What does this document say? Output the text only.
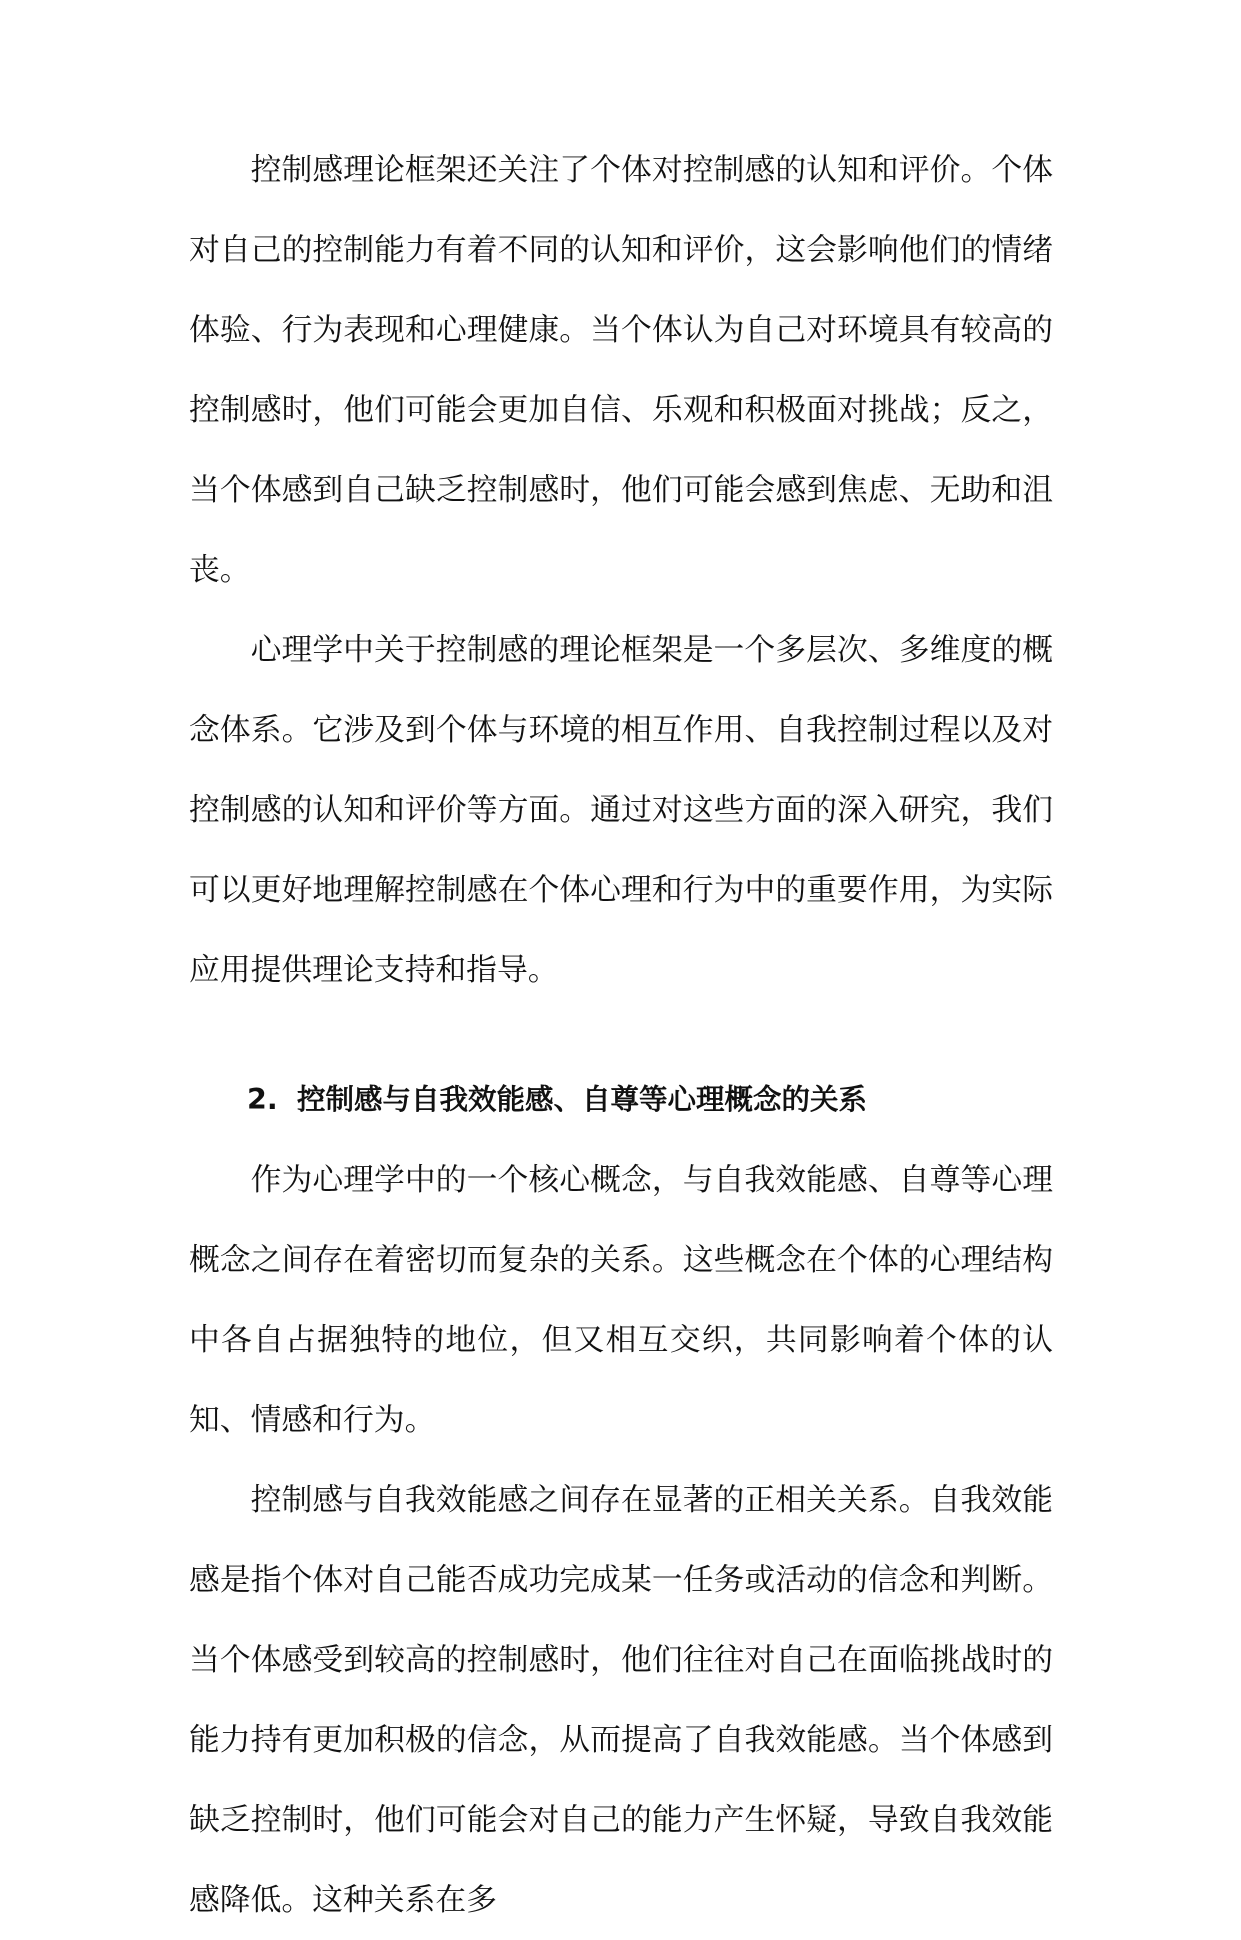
控制感理论框架还关注了个体对控制感的认知和评价。个体对自己的控制能力有着不同的认知和评价，这会影响他们的情绪体验、行为表现和心理健康。当个体认为自己对环境具有较高的控制感时，他们可能会更加自信、乐观和积极面对挑战；反之，当个体感到自己缺乏控制感时，他们可能会感到焦虑、无助和沮丧。

心理学中关于控制感的理论框架是一个多层次、多维度的概念体系。它涉及到个体与环境的相互作用、自我控制过程以及对控制感的认知和评价等方面。通过对这些方面的深入研究，我们可以更好地理解控制感在个体心理和行为中的重要作用，为实际应用提供理论支持和指导。

2. 控制感与自我效能感、自尊等心理概念的关系

作为心理学中的一个核心概念，与自我效能感、自尊等心理概念之间存在着密切而复杂的关系。这些概念在个体的心理结构中各自占据独特的地位，但又相互交织，共同影响着个体的认知、情感和行为。

控制感与自我效能感之间存在显著的正相关关系。自我效能感是指个体对自己能否成功完成某一任务或活动的信念和判断。当个体感受到较高的控制感时，他们往往对自己在面临挑战时的能力持有更加积极的信念，从而提高了自我效能感。当个体感到缺乏控制时，他们可能会对自己的能力产生怀疑，导致自我效能感降低。这种关系在多
